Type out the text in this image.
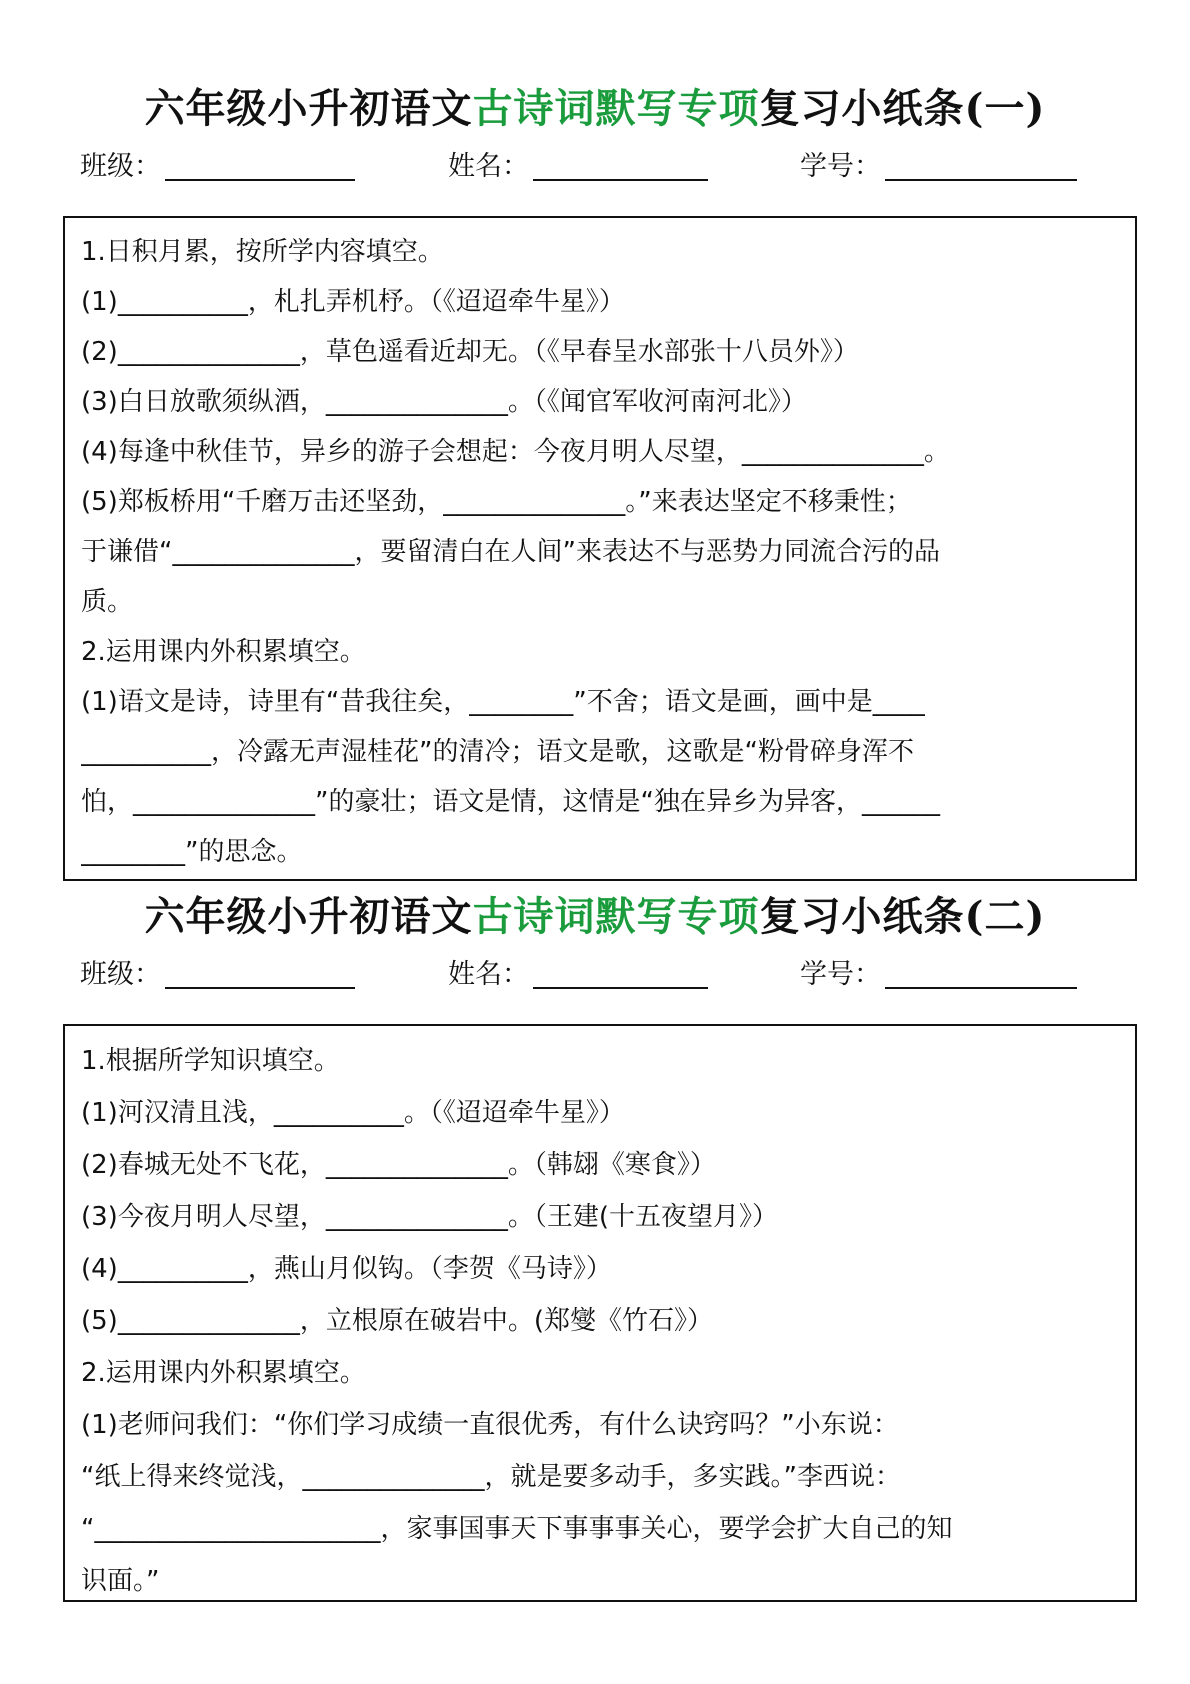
六年级小升初语文古诗词默写专项复习小纸条(一)
班级：	姓名：	学号：
1.日积月累，按所学内容填空。
(1)__________，札扎弄机杼。（《迢迢牵牛星》）
(2)______________，草色遥看近却无。（《早春呈水部张十八员外》）
(3)白日放歌须纵酒，______________。（《闻官军收河南河北》）
(4)每逢中秋佳节，异乡的游子会想起：今夜月明人尽望，______________。
(5)郑板桥用“千磨万击还坚劲，______________。”来表达坚定不移秉性；
于谦借“______________，要留清白在人间”来表达不与恶势力同流合污的品
质。
2.运用课内外积累填空。
(1)语文是诗，诗里有“昔我往矣，________”不舍；语文是画，画中是____
__________，冷露无声湿桂花”的清冷；语文是歌，这歌是“粉骨碎身浑不
怕，______________”的豪壮；语文是情，这情是“独在异乡为异客，______
________”的思念。
六年级小升初语文古诗词默写专项复习小纸条(二)
班级：	姓名：	学号：
1.根据所学知识填空。
(1)河汉清且浅，__________。（《迢迢牵牛星》）
(2)春城无处不飞花，______________。（韩翃《寒食》）
(3)今夜月明人尽望，______________。（王建(十五夜望月》）
(4)__________，燕山月似钩。（李贺《马诗》）
(5)______________，立根原在破岩中。(郑燮《竹石》）
2.运用课内外积累填空。
(1)老师问我们：“你们学习成绩一直很优秀，有什么诀窍吗？”小东说：
“纸上得来终觉浅，______________，就是要多动手，多实践。”李西说：
“______________________，家事国事天下事事事关心，要学会扩大自己的知
识面。”
